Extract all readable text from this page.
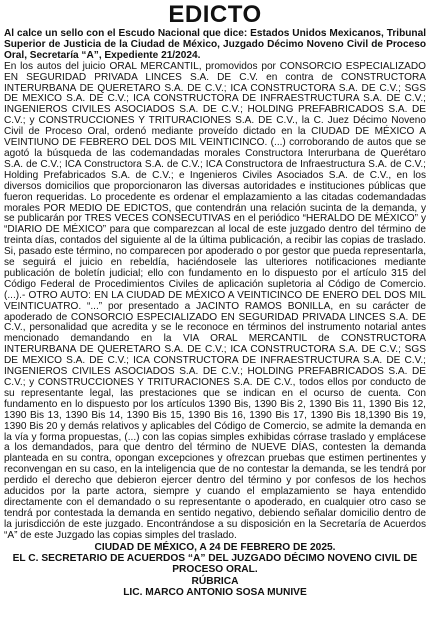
EDICTO

Al calce un sello con el Escudo Nacional que dice: Estados Unidos Mexicanos, Tribunal Superior de Justicia de la Ciudad de México, Juzgado Décimo Noveno Civil de Proceso Oral, Secretaría “A”, Expediente 21/2024.

En los autos del juicio ORAL MERCANTIL, promovidos por CONSORCIO ESPECIALIZADO EN SEGURIDAD PRIVADA LINCES S.A. DE C.V. en contra de CONSTRUCTORA INTERURBANA DE QUERETARO S.A. DE C.V.; ICA CONSTRUCTORA S.A. DE C.V.; SGS DE MEXICO S.A. DE C.V.; ICA CONSTRUCTORA DE INFRAESTRUCTURA S.A. DE C.V.; INGENIEROS CIVILES ASOCIADOS S.A. DE C.V.; HOLDING PREFABRICADOS S.A. DE C.V.; y CONSTRUCCIONES Y TRITURACIONES S.A. DE C.V., la C. Juez Décimo Noveno Civil de Proceso Oral, ordenó mediante proveído dictado en la CIUDAD DE MÉXICO A VEINTIUNO DE FEBRERO DEL DOS MIL VEINTICINCO. (...) corroborando de autos que se agotó la búsqueda de las codemandadas morales Constructora Interurbana de Querétaro S.A. de C.V.; ICA Constructora S.A. de C.V.; ICA Constructora de Infraestructura S.A. de C.V.; Holding Prefabricados S.A. de C.V.; e Ingenieros Civiles Asociados S.A. de C.V., en los diversos domicilios que proporcionaron las diversas autoridades e instituciones públicas que fueron requeridas. Lo procedente es ordenar el emplazamiento a las citadas codemandadas morales POR MEDIO DE EDICTOS, que contendrán una relación sucinta de la demanda, y se publicarán por TRES VECES CONSECUTIVAS en el periódico “HERALDO DE MÉXICO” y “DIARIO DE MÉXICO” para que comparezcan al local de este juzgado dentro del término de treinta días, contados del siguiente al de la última publicación, a recibir las copias de traslado. Si, pasado este término, no comparecen por apoderado o por gestor que pueda representarla, se seguirá el juicio en rebeldía, haciéndosele las ulteriores notificaciones mediante publicación de boletín judicial; ello con fundamento en lo dispuesto por el artículo 315 del Código Federal de Procedimientos Civiles de aplicación supletoria al Código de Comercio. (...).- OTRO AUTO: EN LA CIUDAD DE MÉXICO A VEINTICINCO DE ENERO DEL DOS MIL VEINTICUATRO. “...” por presentado a JACINTO RAMOS BONILLA, en su carácter de apoderado de CONSORCIO ESPECIALIZADO EN SEGURIDAD PRIVADA LINCES S.A. DE C.V., personalidad que acredita y se le reconoce en términos del instrumento notarial antes mencionado demandando en la VIA ORAL MERCANTIL de CONSTRUCTORA INTERURBANA DE QUERETARO S.A. DE C.V.; ICA CONSTRUCTORA S.A. DE C.V.; SGS DE MEXICO S.A. DE C.V.; ICA CONSTRUCTORA DE INFRAESTRUCTURA S.A. DE C.V.; INGENIEROS CIVILES ASOCIADOS S.A. DE C.V.; HOLDING PREFABRICADOS S.A. DE C.V.; y CONSTRUCCIONES Y TRITURACIONES S.A. DE C.V., todos ellos por conducto de su representante legal, las prestaciones que se indican en el ocurso de cuenta. Con fundamento en lo dispuesto por los artículos 1390 Bis, 1390 Bis 2, 1390 Bis 11, 1390 Bis 12, 1390 Bis 13, 1390 Bis 14, 1390 Bis 15, 1390 Bis 16, 1390 Bis 17, 1390 Bis 18,1390 Bis 19, 1390 Bis 20 y demás relativos y aplicables del Código de Comercio, se admite la demanda en la vía y forma propuestas, (...) con las copias simples exhibidas córrase traslado y emplácese a los demandados, para que dentro del término de NUEVE DÍAS, contesten la demanda planteada en su contra, opongan excepciones y ofrezcan pruebas que estimen pertinentes y reconvengan en su caso, en la inteligencia que de no contestar la demanda, se les tendrá por perdido el derecho que debieron ejercer dentro del término y por confesos de los hechos aducidos por la parte actora, siempre y cuando el emplazamiento se haya entendido directamente con el demandado o su representante o apoderado, en cualquier otro caso se tendrá por contestada la demanda en sentido negativo, debiendo señalar domicilio dentro de la jurisdicción de este juzgado. Encontrándose a su disposición en la Secretaría de Acuerdos “A” de este Juzgado las copias simples del traslado.

CIUDAD DE MÉXICO, A 24 DE FEBRERO DE 2025.

EL C. SECRETARIO DE ACUERDOS “A” DEL JUZGADO DÉCIMO NOVENO CIVIL DE PROCESO ORAL.

RÚBRICA

LIC. MARCO ANTONIO SOSA MUNIVE
